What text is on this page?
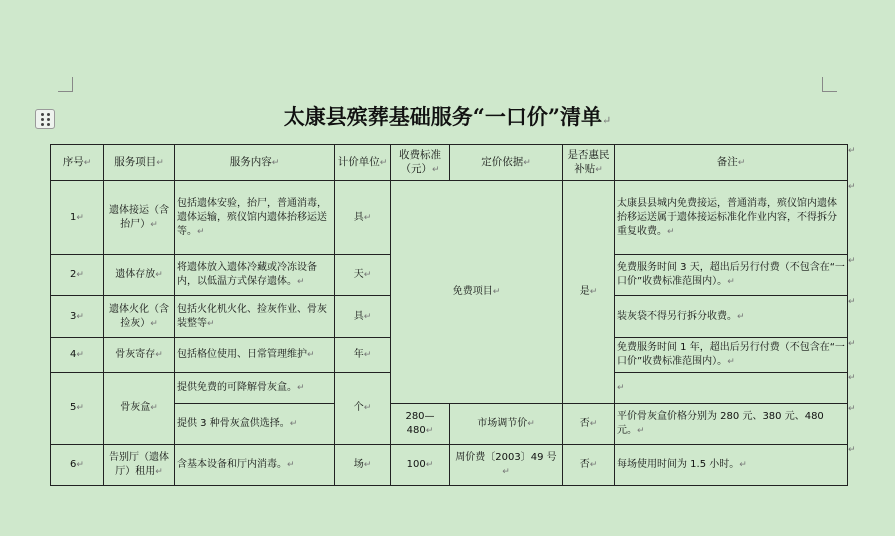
太康县殡葬基础服务“一口价”清单↵
序号↵	服务项目↵	服务内容↵	计价单位↵	收费标准（元）↵	定价依据↵	是否惠民补贴↵	备注↵
1↵	遗体接运（含抬尸）↵	包括遗体安验，抬尸，普通消毒，遗体运输，殡仪馆内遗体抬移运送等。↵	具↵	免费项目↵		是↵	太康县县城内免费接运，普通消毒，殡仪馆内遗体抬移运送属于遗体接运标准化作业内容，不得拆分重复收费。↵
2↵	遗体存放↵	将遗体放入遗体冷藏或冷冻设备内，以低温方式保存遗体。↵	天↵				免费服务时间 3 天，超出后另行付费（不包含在“一口价”收费标准范围内）。↵
3↵	遗体火化（含捡灰）↵	包括火化机火化、捡灰作业、骨灰装整等↵	具↵				装灰袋不得另行拆分收费。↵
4↵	骨灰寄存↵	包括格位使用、日常管理维护↵	年↵				免费服务时间 1 年，超出后另行付费（不包含在“一口价”收费标准范围内）。↵
5↵	骨灰盒↵	提供免费的可降解骨灰盒。↵	个↵				↵
		提供 3 种骨灰盒供选择。↵		280—480↵	市场调节价↵	否↵	平价骨灰盒价格分别为 280 元、380 元、480 元。↵
6↵	告别厅（遗体厅）租用↵	含基本设备和厅内消毒。↵	场↵	100↵	周价费〔2003〕49 号↵	否↵	每场使用时间为 1.5 小时。↵
↵
↵
↵
↵
↵
↵
↵
↵
